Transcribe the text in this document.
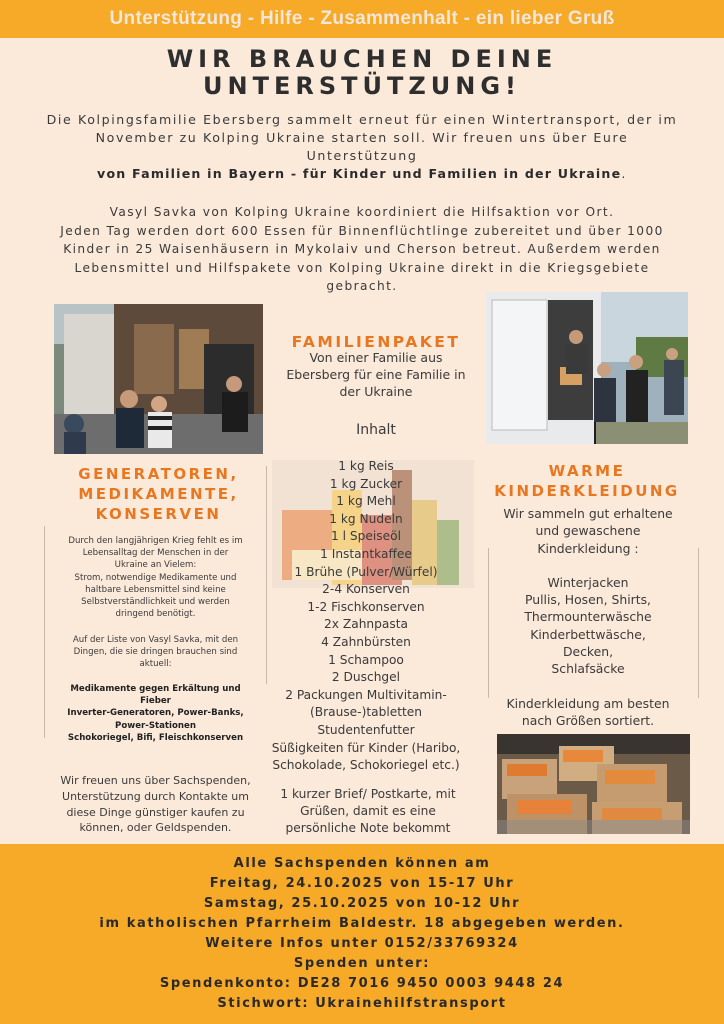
Unterstützung - Hilfe - Zusammenhalt - ein lieber Gruß
WIR BRAUCHEN DEINE
UNTERSTÜTZUNG!
Die Kolpingsfamilie Ebersberg sammelt erneut für einen Wintertransport, der im
November zu Kolping Ukraine starten soll. Wir freuen uns über Eure
Unterstützung
von Familien in Bayern - für Kinder und Familien in der Ukraine.
Vasyl Savka von Kolping Ukraine koordiniert die Hilfsaktion vor Ort.
Jeden Tag werden dort 600 Essen für Binnenflüchtlinge zubereitet und über 1000
Kinder in 25 Waisenhäusern in Mykolaiv und Cherson betreut. Außerdem werden
Lebensmittel und Hilfspakete von Kolping Ukraine direkt in die Kriegsgebiete
gebracht.
FAMILIENPAKET
Von einer Familie aus
Ebersberg für eine Familie in
der Ukraine
Inhalt
1 kg Reis
1 kg Zucker
1 kg Mehl
1 kg Nudeln
1 l Speiseöl
1 Instantkaffee
1 Brühe (Pulver/Würfel)
2-4 Konserven
1-2 Fischkonserven
2x Zahnpasta
4 Zahnbürsten
1 Schampoo
2 Duschgel
2 Packungen Multivitamin-
(Brause-)tabletten
Studentenfutter
Süßigkeiten für Kinder (Haribo,
Schokolade, Schokoriegel etc.)
1 kurzer Brief/ Postkarte, mit
Grüßen, damit es eine
persönliche Note bekommt
GENERATOREN,
MEDIKAMENTE,
KONSERVEN
Durch den langjährigen Krieg fehlt es im
Lebensalltag der Menschen in der
Ukraine an Vielem:
Strom, notwendige Medikamente und
haltbare Lebensmittel sind keine
Selbstverständlichkeit und werden
dringend benötigt.
Auf der Liste von Vasyl Savka, mit den
Dingen, die sie dringen brauchen sind
aktuell:
Medikamente gegen Erkältung und
Fieber
Inverter-Generatoren, Power-Banks,
Power-Stationen
Schokoriegel, Bifi, Fleischkonserven
Wir freuen uns über Sachspenden,
Unterstützung durch Kontakte um
diese Dinge günstiger kaufen zu
können, oder Geldspenden.
WARME
KINDERKLEIDUNG
Wir sammeln gut erhaltene
und gewaschene
Kinderkleidung :
Winterjacken
Pullis, Hosen, Shirts,
Thermounterwäsche
Kinderbettwäsche,
Decken,
Schlafsäcke
Kinderkleidung am besten
nach Größen sortiert.
Alle Sachspenden können am
Freitag, 24.10.2025 von 15-17 Uhr
Samstag, 25.10.2025 von 10-12 Uhr
im katholischen Pfarrheim Baldestr. 18 abgegeben werden.
Weitere Infos unter 0152/33769324
Spenden unter:
Spendenkonto: DE28 7016 9450 0003 9448 24
Stichwort: Ukrainehilfstransport
